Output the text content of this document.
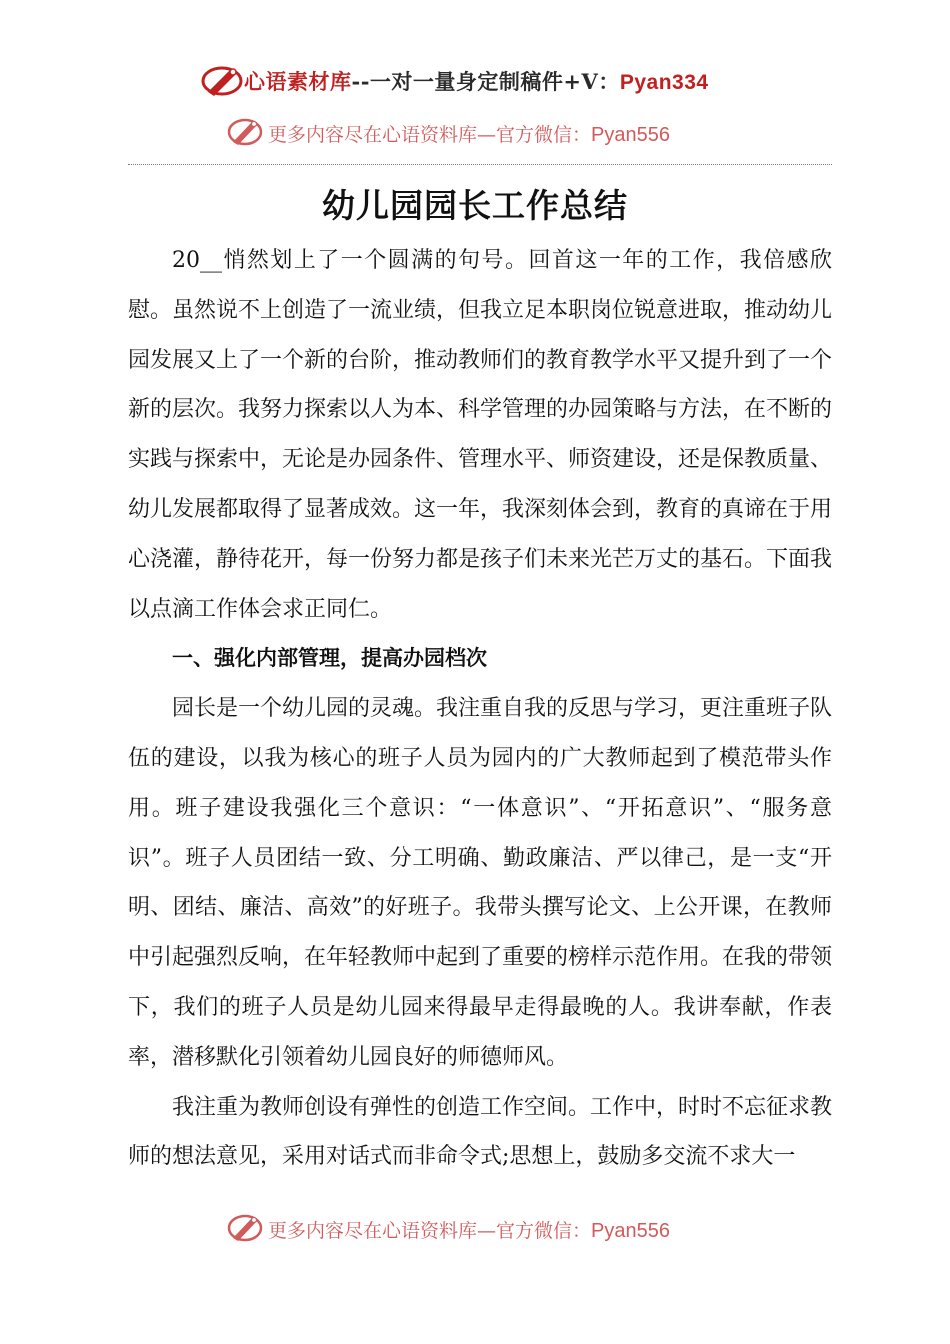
心语素材库--一对一量身定制稿件+V：Pyan334
更多内容尽在心语资料库—官方微信：Pyan556
幼儿园园长工作总结

20__悄然划上了一个圆满的句号。回首这一年的工作，我倍感欣慰。虽然说不上创造了一流业绩，但我立足本职岗位锐意进取，推动幼儿园发展又上了一个新的台阶，推动教师们的教育教学水平又提升到了一个新的层次。我努力探索以人为本、科学管理的办园策略与方法，在不断的实践与探索中，无论是办园条件、管理水平、师资建设，还是保教质量、幼儿发展都取得了显著成效。这一年，我深刻体会到，教育的真谛在于用心浇灌，静待花开，每一份努力都是孩子们未来光芒万丈的基石。下面我以点滴工作体会求正同仁。

一、强化内部管理，提高办园档次

园长是一个幼儿园的灵魂。我注重自我的反思与学习，更注重班子队伍的建设，以我为核心的班子人员为园内的广大教师起到了模范带头作用。班子建设我强化三个意识：“一体意识”、“开拓意识”、“服务意识”。班子人员团结一致、分工明确、勤政廉洁、严以律己，是一支“开明、团结、廉洁、高效”的好班子。我带头撰写论文、上公开课，在教师中引起强烈反响，在年轻教师中起到了重要的榜样示范作用。在我的带领下，我们的班子人员是幼儿园来得最早走得最晚的人。我讲奉献，作表率，潜移默化引领着幼儿园良好的师德师风。

我注重为教师创设有弹性的创造工作空间。工作中，时时不忘征求教师的想法意见，采用对话式而非命令式;思想上，鼓励多交流不求大一

更多内容尽在心语资料库—官方微信：Pyan556
